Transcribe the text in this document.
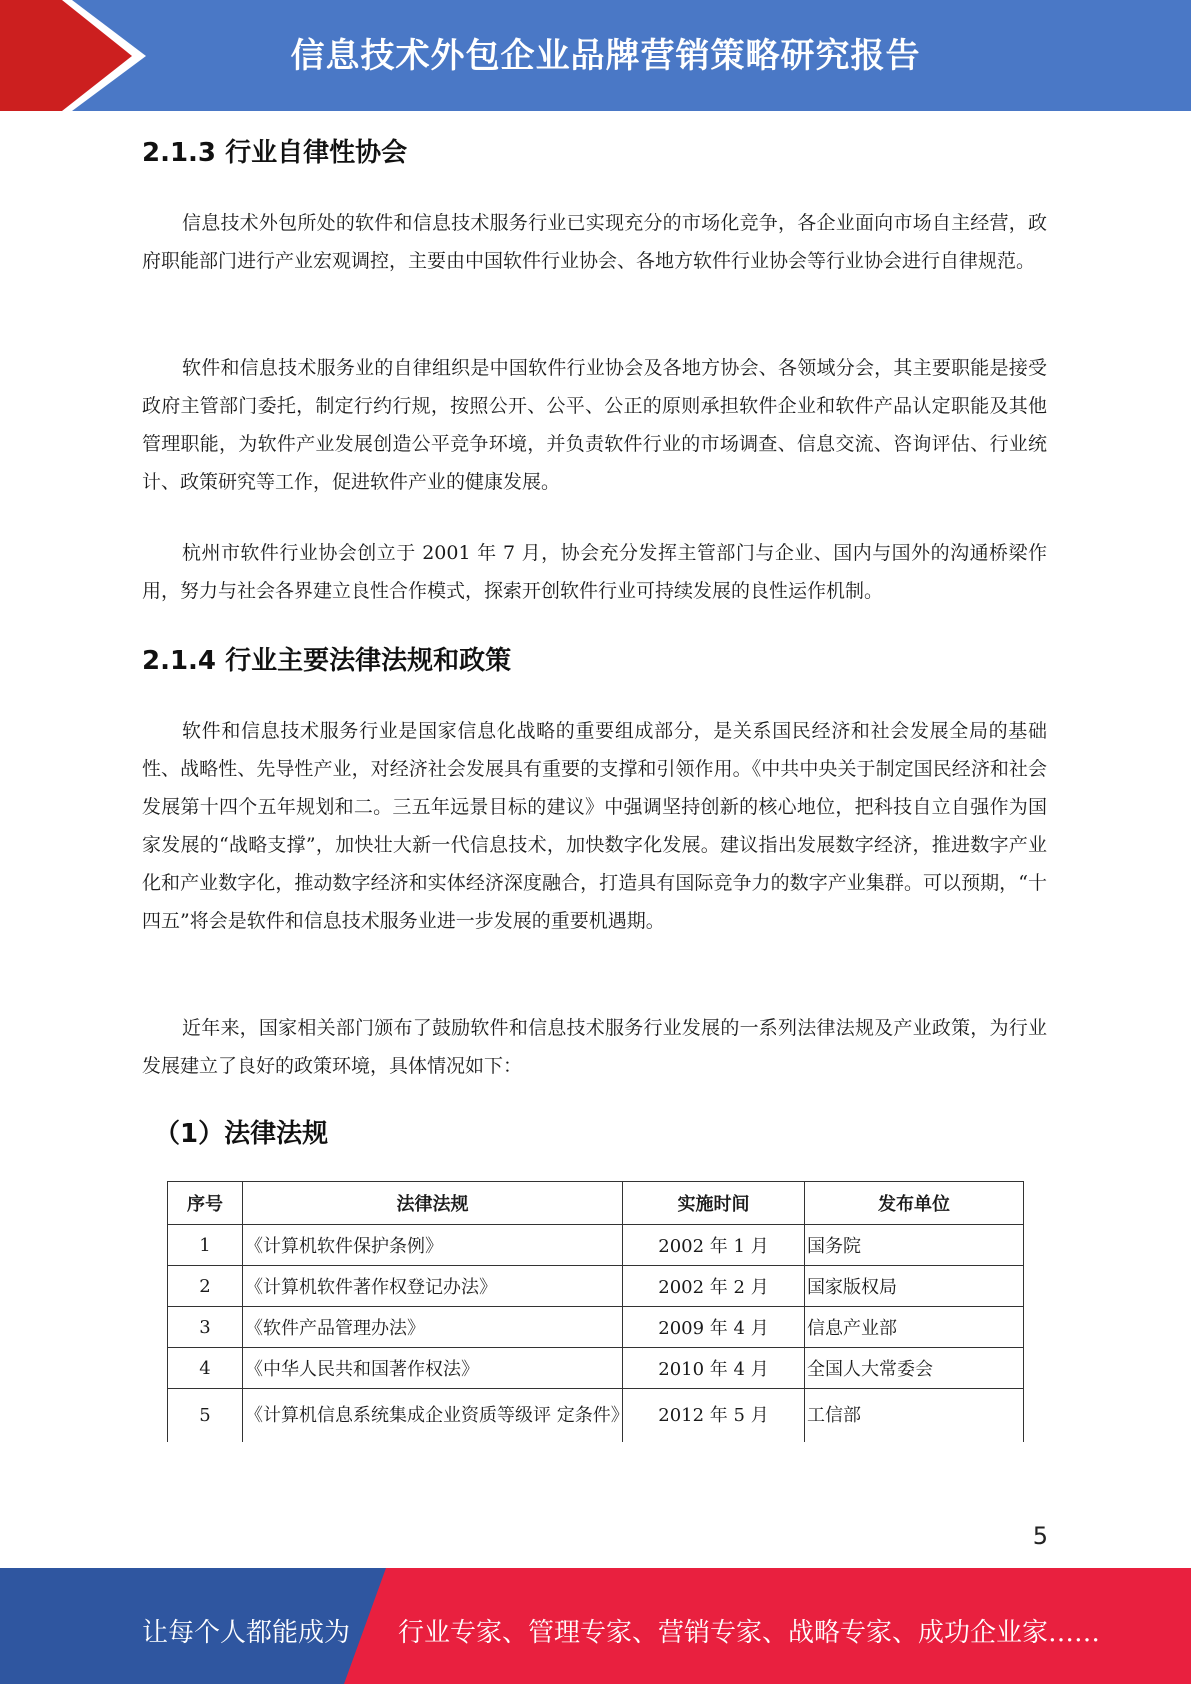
信息技术外包企业品牌营销策略研究报告
2.1.3 行业自律性协会

信息技术外包所处的软件和信息技术服务行业已实现充分的市场化竞争，各企业面向市场自主经营，政府职能部门进行产业宏观调控，主要由中国软件行业协会、各地方软件行业协会等行业协会进行自律规范。

软件和信息技术服务业的自律组织是中国软件行业协会及各地方协会、各领域分会，其主要职能是接受政府主管部门委托，制定行约行规，按照公开、公平、公正的原则承担软件企业和软件产品认定职能及其他管理职能，为软件产业发展创造公平竞争环境，并负责软件行业的市场调查、信息交流、咨询评估、行业统计、政策研究等工作，促进软件产业的健康发展。

杭州市软件行业协会创立于 2001 年 7 月，协会充分发挥主管部门与企业、国内与国外的沟通桥梁作用，努力与社会各界建立良性合作模式，探索开创软件行业可持续发展的良性运作机制。

2.1.4 行业主要法律法规和政策

软件和信息技术服务行业是国家信息化战略的重要组成部分，是关系国民经济和社会发展全局的基础性、战略性、先导性产业，对经济社会发展具有重要的支撑和引领作用。《中共中央关于制定国民经济和社会发展第十四个五年规划和二。三五年远景目标的建议》中强调坚持创新的核心地位，把科技自立自强作为国家发展的“战略支撑”，加快壮大新一代信息技术，加快数字化发展。建议指出发展数字经济，推进数字产业化和产业数字化，推动数字经济和实体经济深度融合，打造具有国际竞争力的数字产业集群。可以预期，“十四五”将会是软件和信息技术服务业进一步发展的重要机遇期。

近年来，国家相关部门颁布了鼓励软件和信息技术服务行业发展的一系列法律法规及产业政策，为行业发展建立了良好的政策环境，具体情况如下：

（1）法律法规
序号	法律法规	实施时间	发布单位
1	《计算机软件保护条例》	2002 年 1 月	国务院
2	《计算机软件著作权登记办法》	2002 年 2 月	国家版权局
3	《软件产品管理办法》	2009 年 4 月	信息产业部
4	《中华人民共和国著作权法》	2010 年 4 月	全国人大常委会
5	《计算机信息系统集成企业资质等级评 定条件》	2012 年 5 月	工信部
5
让每个人都能成为 行业专家、管理专家、营销专家、战略专家、成功企业家……
